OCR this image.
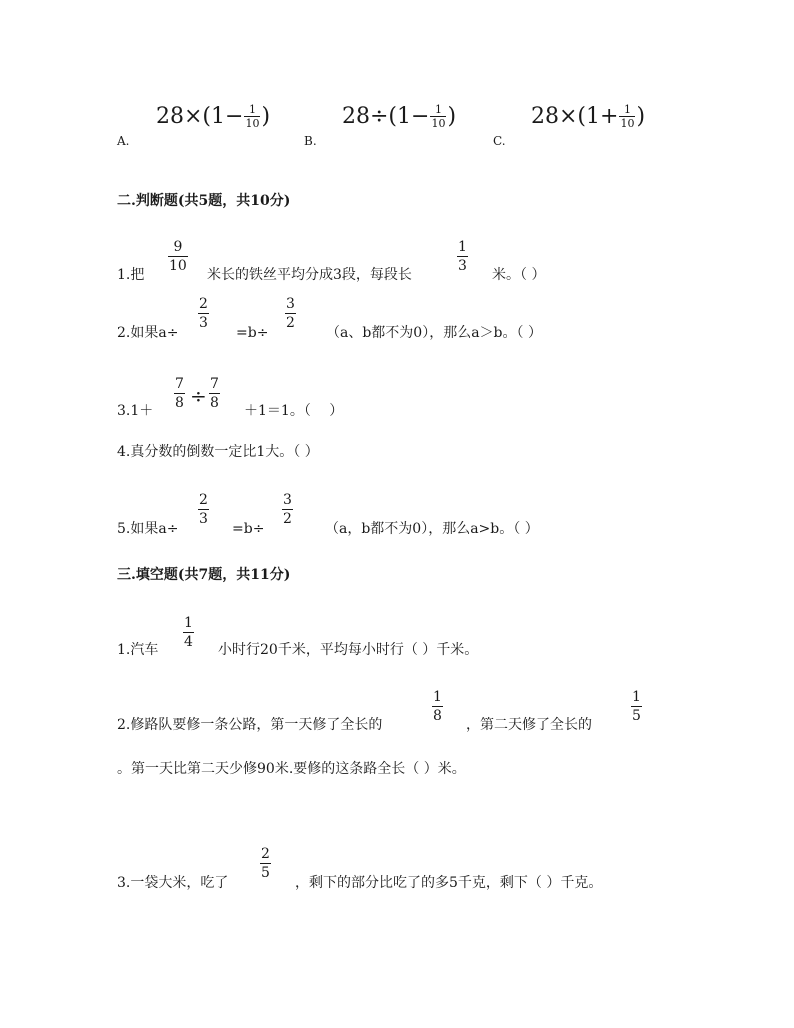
$28\times(1- \frac{1}{10}$ )
A.
$28\div(1- \frac{1}{10}$ )
B.
$28\times(1+ \frac{1}{10}$ )
C.
二.判断题(共5题，共10分)
1.把
9
10
米长的铁丝平均分成3段，每段长
1
3
米。（ ）
2.如果a÷
2
3
=b÷
3
2
（a、b都不为0），那么a＞b。（ ）
3.1＋
7
8 ÷ 7
8 ＋1＝1。（　 ）
4.真分数的倒数一定比1大。（ ）
5.如果a÷
2
3
=b÷
3
2
（a，b都不为0），那么a>b。（ ）
三.填空题(共7题，共11分)
1.汽车
1
4 小时行20千米，平均每小时行（ ）千米。
2.修路队要修一条公路，第一天修了全长的
1
8
，第二天修了全长的
1
5
。第一天比第二天少修90米.要修的这条路全长（ ）米。
3.一袋大米，吃了
2
5
，剩下的部分比吃了的多5千克，剩下（ ）千克。
